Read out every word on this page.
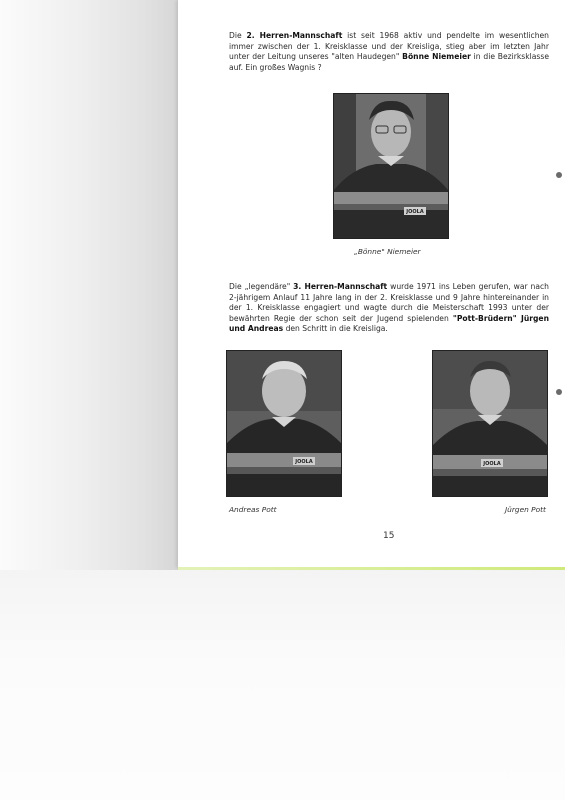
Die 2. Herren-Mannschaft ist seit 1968 aktiv und pendelte im wesentlichen immer zwischen der 1. Kreisklasse und der Kreisliga, stieg aber im letzten Jahr unter der Leitung unseres "alten Haudegen" Bönne Niemeier in die Bezirksklasse auf. Ein großes Wagnis ?

JOOLA

„Bönne" Niemeier

Die „legendäre" 3. Herren-Mannschaft wurde 1971 ins Leben gerufen, war nach 2-jährigem Anlauf 11 Jahre lang in der 2. Kreisklasse und 9 Jahre hintereinander in der 1. Kreisklasse engagiert und wagte durch die Meisterschaft 1993 unter der bewährten Regie der schon seit der Jugend spielenden "Pott-Brüdern" Jürgen und Andreas den Schritt in die Kreisliga.

JOOLA	JOOLA

Andreas Pott	Jürgen Pott

15
